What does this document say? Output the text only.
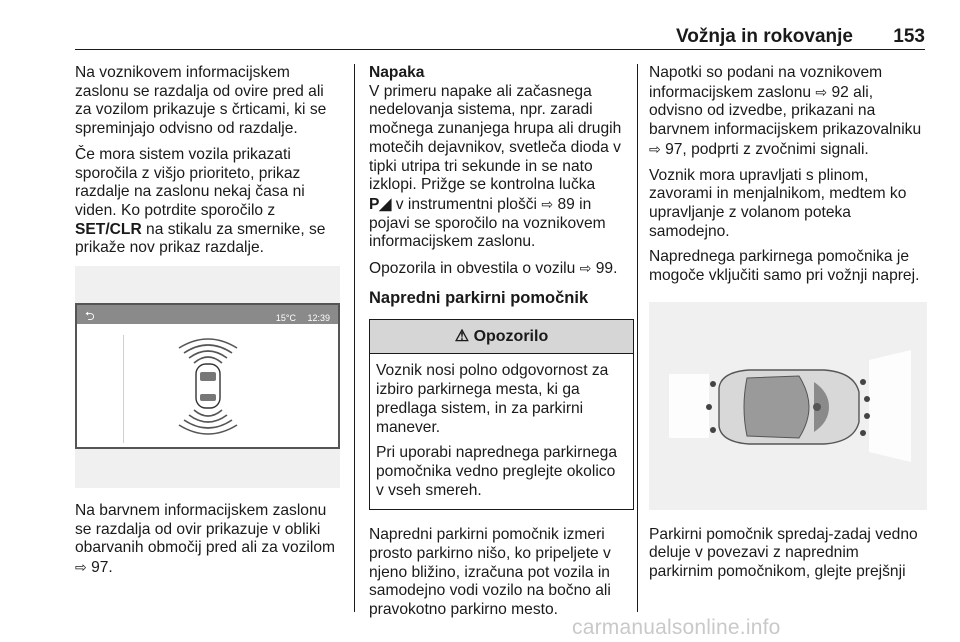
Vožnja in rokovanje 153

Na voznikovem informacijskem zaslonu se razdalja od ovire pred ali za vozilom prikazuje s črticami, ki se spreminjajo odvisno od razdalje.

Če mora sistem vozila prikazati sporočila z višjo prioriteto, prikaz razdalje na zaslonu nekaj časa ni viden. Ko potrdite sporočilo z SET/CLR na stikalu za smernike, se prikaže nov prikaz razdalje.

⮌	15°C 12:39

Na barvnem informacijskem zaslonu se razdalja od ovir prikazuje v obliki obarvanih območij pred ali za vozilom
⇨ 97.

Napaka

V primeru napake ali začasnega nedelovanja sistema, npr. zaradi močnega zunanjega hrupa ali drugih motečih dejavnikov, svetleča dioda v tipki utripa tri sekunde in se nato izklopi. Prižge se kontrolna lučka
P◢ v instrumentni plošči ⇨ 89 in pojavi se sporočilo na voznikovem informacijskem zaslonu.

Opozorila in obvestila o vozilu ⇨ 99.

Napredni parkirni pomočnik
⚠ Opozorilo

Voznik nosi polno odgovornost za izbiro parkirnega mesta, ki ga predlaga sistem, in za parkirni manever.

Pri uporabi naprednega parkirnega pomočnika vedno preglejte okolico v vseh smereh.

Napredni parkirni pomočnik izmeri prosto parkirno nišo, ko pripeljete v njeno bližino, izračuna pot vozila in samodejno vodi vozilo na bočno ali pravokotno parkirno mesto.

Napotki so podani na voznikovem informacijskem zaslonu ⇨ 92 ali, odvisno od izvedbe, prikazani na barvnem informacijskem prikazovalniku ⇨ 97, podprti z zvočnimi signali.

Voznik mora upravljati s plinom, zavorami in menjalnikom, medtem ko upravljanje z volanom poteka samodejno.

Naprednega parkirnega pomočnika je mogoče vključiti samo pri vožnji naprej.

Parkirni pomočnik spredaj-zadaj vedno deluje v povezavi z naprednim parkirnim pomočnikom, glejte prejšnji

carmanualsonline.info
